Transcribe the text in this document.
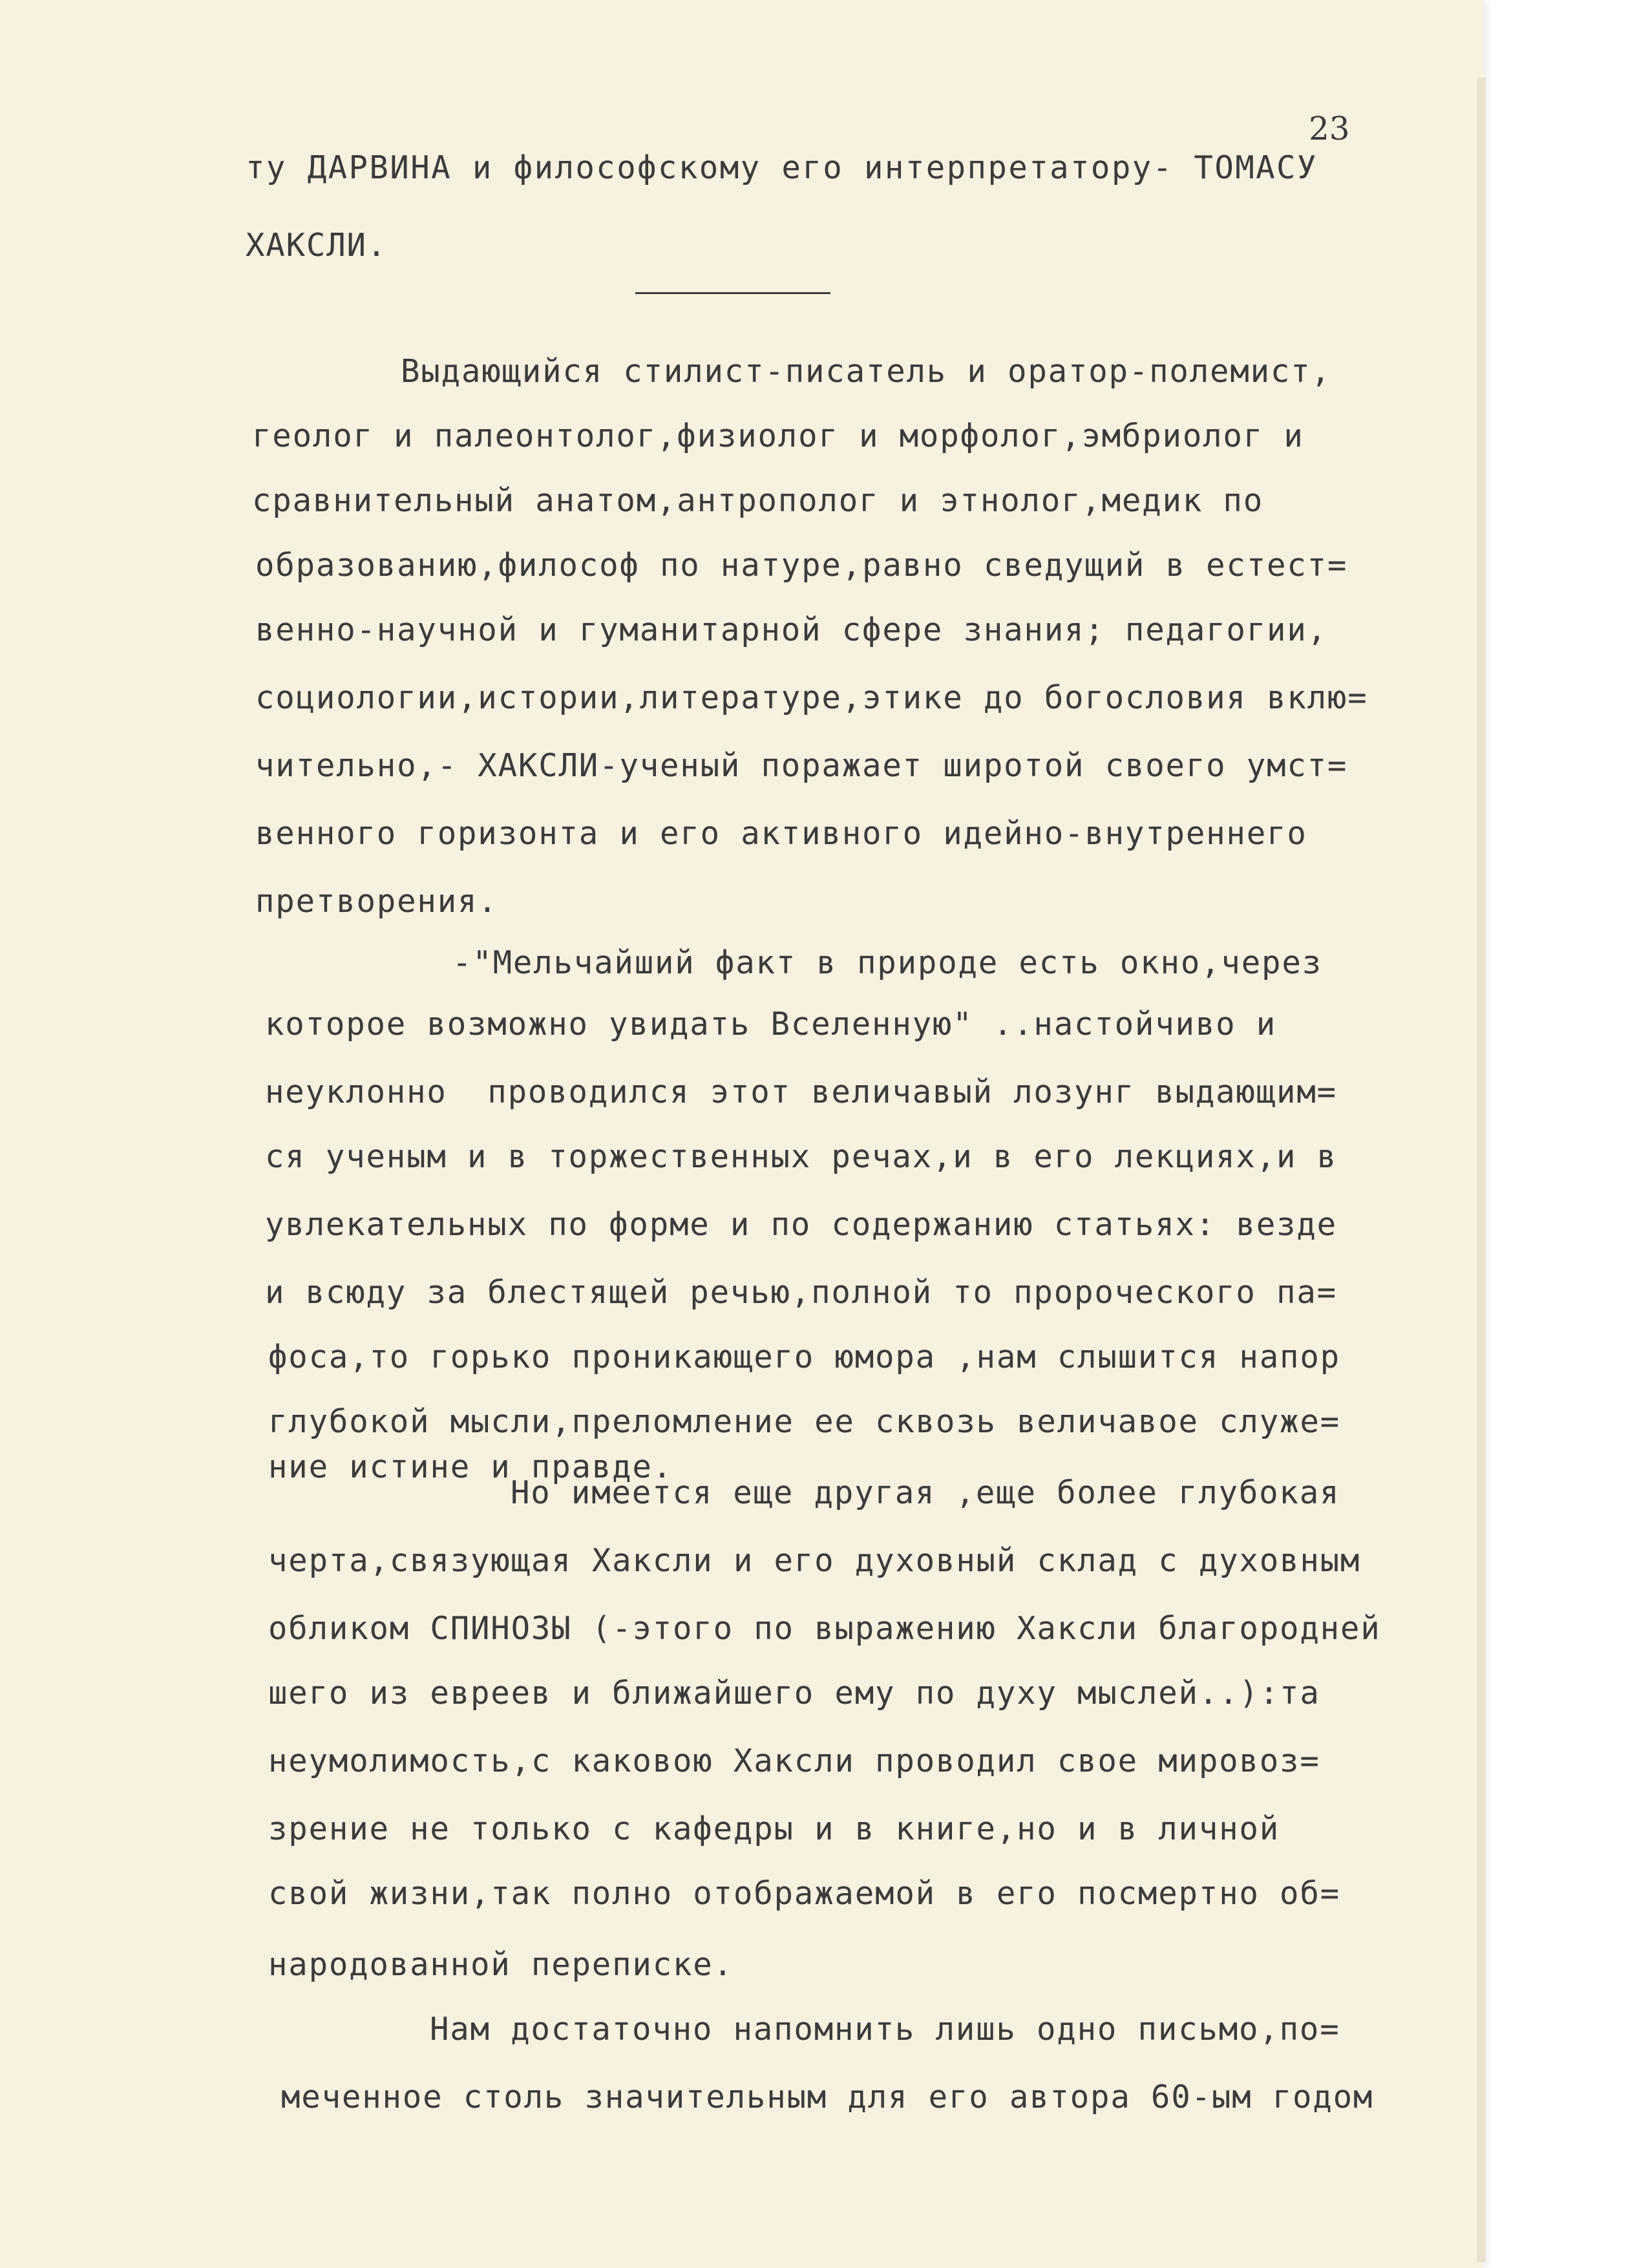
23
ту ДАРВИНА и философскому его интерпретатору- ТОМАСУ
ХАКСЛИ.
Выдающийся стилист-писатель и оратор-полемист,
геолог и палеонтолог,физиолог и морфолог,эмбриолог и
сравнительный анатом,антрополог и этнолог,медик по
образованию,философ по натуре,равно сведущий в естест=
венно-научной и гуманитарной сфере знания; педагогии,
социологии,истории,литературе,этике до богословия вклю=
чительно,- ХАКСЛИ-ученый поражает широтой своего умст=
венного горизонта и его активного идейно-внутреннего
претворения.
-"Мельчайший факт в природе есть окно,через
которое возможно увидать Вселенную" ..настойчиво и
неуклонно  проводился этот величавый лозунг выдающим=
ся ученым и в торжественных речах,и в его лекциях,и в
увлекательных по форме и по содержанию статьях: везде
и всюду за блестящей речью,полной то пророческого па=
фоса,то горько проникающего юмора ,нам слышится напор
глубокой мысли,преломление ее сквозь величавое служе=
ние истине и правде.
Но имеется еще другая ,еще более глубокая
черта,связующая Хаксли и его духовный склад с духовным
обликом СПИНОЗЫ (-этого по выражению Хаксли благородней
шего из евреев и ближайшего ему по духу мыслей..):та
неумолимость,с каковою Хаксли проводил свое мировоз=
зрение не только с кафедры и в книге,но и в личной
свой жизни,так полно отображаемой в его посмертно об=
народованной переписке.
Нам достаточно напомнить лишь одно письмо,по=
меченное столь значительным для его автора 60-ым годом
